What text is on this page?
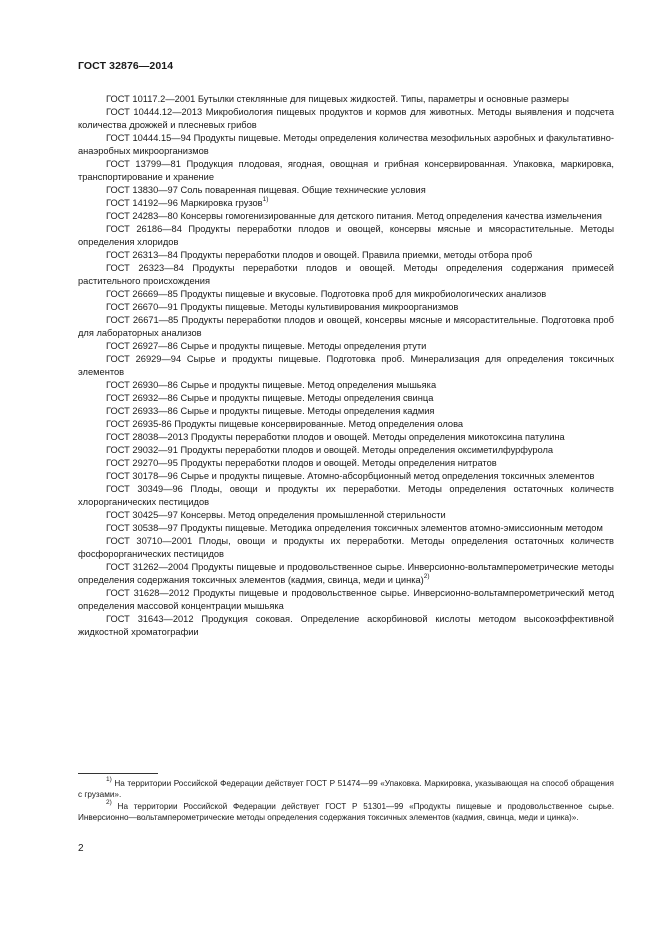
ГОСТ 32876—2014

ГОСТ 10117.2—2001 Бутылки стеклянные для пищевых жидкостей. Типы, параметры и основные размеры

ГОСТ 10444.12—2013 Микробиология пищевых продуктов и кормов для животных. Методы выявления и подсчета количества дрожжей и плесневых грибов

ГОСТ 10444.15—94 Продукты пищевые. Методы определения количества мезофильных аэробных и факультативно-анаэробных микроорганизмов

ГОСТ 13799—81 Продукция плодовая, ягодная, овощная и грибная консервированная. Упаковка, маркировка, транспортирование и хранение

ГОСТ 13830—97 Соль поваренная пищевая. Общие технические условия

ГОСТ 14192—96 Маркировка грузов$^{1)}$

ГОСТ 24283—80 Консервы гомогенизированные для детского питания. Метод определения качества измельчения

ГОСТ 26186—84 Продукты переработки плодов и овощей, консервы мясные и мясорастительные. Методы определения хлоридов

ГОСТ 26313—84 Продукты переработки плодов и овощей. Правила приемки, методы отбора проб

ГОСТ 26323—84 Продукты переработки плодов и овощей. Методы определения содержания примесей растительного происхождения

ГОСТ 26669—85 Продукты пищевые и вкусовые. Подготовка проб для микробиологических анализов

ГОСТ 26670—91 Продукты пищевые. Методы культивирования микроорганизмов

ГОСТ 26671—85 Продукты переработки плодов и овощей, консервы мясные и мясорастительные. Подготовка проб для лабораторных анализов

ГОСТ 26927—86 Сырье и продукты пищевые. Методы определения ртути

ГОСТ 26929—94 Сырье и продукты пищевые. Подготовка проб. Минерализация для определения токсичных элементов

ГОСТ 26930—86 Сырье и продукты пищевые. Метод определения мышьяка

ГОСТ 26932—86 Сырье и продукты пищевые. Методы определения свинца

ГОСТ 26933—86 Сырье и продукты пищевые. Методы определения кадмия

ГОСТ 26935-86 Продукты пищевые консервированные. Метод определения олова

ГОСТ 28038—2013 Продукты переработки плодов и овощей. Методы определения микотоксина патулина

ГОСТ 29032—91 Продукты переработки плодов и овощей. Методы определения оксиметилфурфурола

ГОСТ 29270—95 Продукты переработки плодов и овощей. Методы определения нитратов

ГОСТ 30178—96 Сырье и продукты пищевые. Атомно-абсорбционный метод определения токсичных элементов

ГОСТ 30349—96 Плоды, овощи и продукты их переработки. Методы определения остаточных количеств хлорорганических пестицидов

ГОСТ 30425—97 Консервы. Метод определения промышленной стерильности

ГОСТ 30538—97 Продукты пищевые. Методика определения токсичных элементов атомно-эмиссионным методом

ГОСТ 30710—2001 Плоды, овощи и продукты их переработки. Методы определения остаточных количеств фосфорорганических пестицидов

ГОСТ 31262—2004 Продукты пищевые и продовольственное сырье. Инверсионно-вольтамперометрические методы определения содержания токсичных элементов (кадмия, свинца, меди и цинка)$^{2)}$

ГОСТ 31628—2012 Продукты пищевые и продовольственное сырье. Инверсионно-вольтамперометрический метод определения массовой концентрации мышьяка

ГОСТ 31643—2012 Продукция соковая. Определение аскорбиновой кислоты методом высокоэффективной жидкостной хроматографии

$^{1)}$ На территории Российской Федерации действует ГОСТ Р 51474—99 «Упаковка. Маркировка, указывающая на способ обращения с грузами».

$^{2)}$ На территории Российской Федерации действует ГОСТ Р 51301—99 «Продукты пищевые и продовольственное сырье. Инверсионно—вольтамперометрические методы определения содержания токсичных элементов (кадмия, свинца, меди и цинка)».

2
